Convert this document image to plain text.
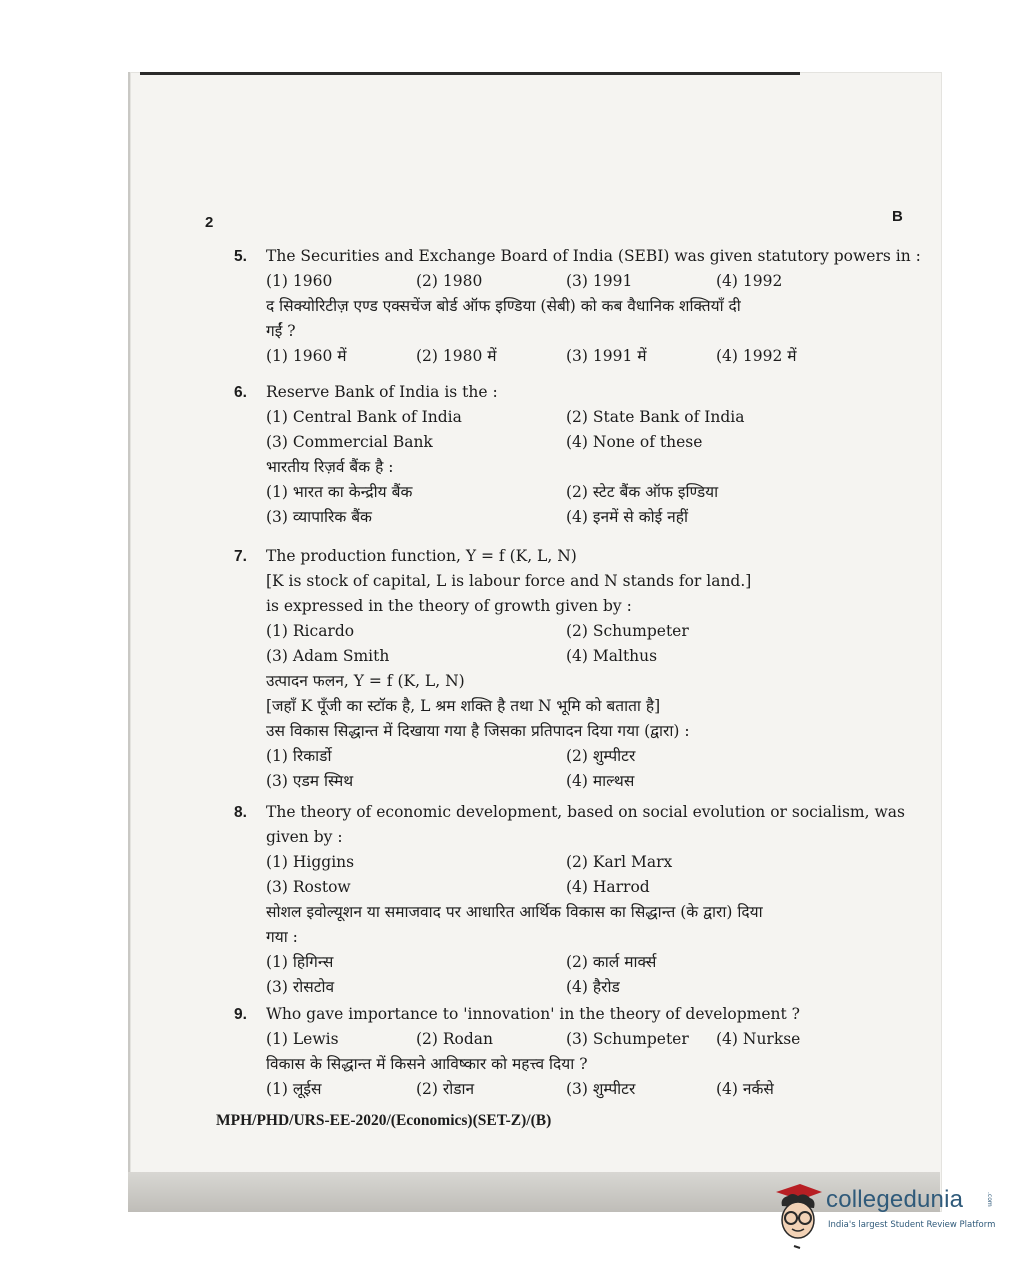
2	B
5. The Securities and Exchange Board of India (SEBI) was given statutory powers in :
(1) 1960	(2) 1980	(3) 1991	(4) 1992
द सिक्योरिटीज़ एण्ड एक्सचेंज बोर्ड ऑफ इण्डिया (सेबी) को कब वैधानिक शक्तियाँ दी
गईं ?
(1) 1960 में	(2) 1980 में	(3) 1991 में	(4) 1992 में
6. Reserve Bank of India is the :
(1) Central Bank of India	(2) State Bank of India
(3) Commercial Bank	(4) None of these
भारतीय रिज़र्व बैंक है :
(1) भारत का केन्द्रीय बैंक	(2) स्टेट बैंक ऑफ इण्डिया
(3) व्यापारिक बैंक	(4) इनमें से कोई नहीं
7. The production function, Y = f (K, L, N)
[K is stock of capital, L is labour force and N stands for land.]
is expressed in the theory of growth given by :
(1) Ricardo	(2) Schumpeter
(3) Adam Smith	(4) Malthus
उत्पादन फलन, Y = f (K, L, N)
[जहाँ K पूँजी का स्टॉक है, L श्रम शक्ति है तथा N भूमि को बताता है]
उस विकास सिद्धान्त में दिखाया गया है जिसका प्रतिपादन दिया गया (द्वारा) :
(1) रिकार्डो	(2) शुम्पीटर
(3) एडम स्मिथ	(4) माल्थस
8. The theory of economic development, based on social evolution or socialism, was
given by :
(1) Higgins	(2) Karl Marx
(3) Rostow	(4) Harrod
सोशल इवोल्यूशन या समाजवाद पर आधारित आर्थिक विकास का सिद्धान्त (के द्वारा) दिया
गया :
(1) हिगिन्स	(2) कार्ल मार्क्स
(3) रोसटोव	(4) हैरोड
9. Who gave importance to 'innovation' in the theory of development ?
(1) Lewis	(2) Rodan	(3) Schumpeter	(4) Nurkse
विकास के सिद्धान्त में किसने आविष्कार को महत्त्व दिया ?
(1) लूईस	(2) रोडान	(3) शुम्पीटर	(4) नर्कसे
MPH/PHD/URS-EE-2020/(Economics)(SET-Z)/(B)
collegedunia
India's largest Student Review Platform
.com
